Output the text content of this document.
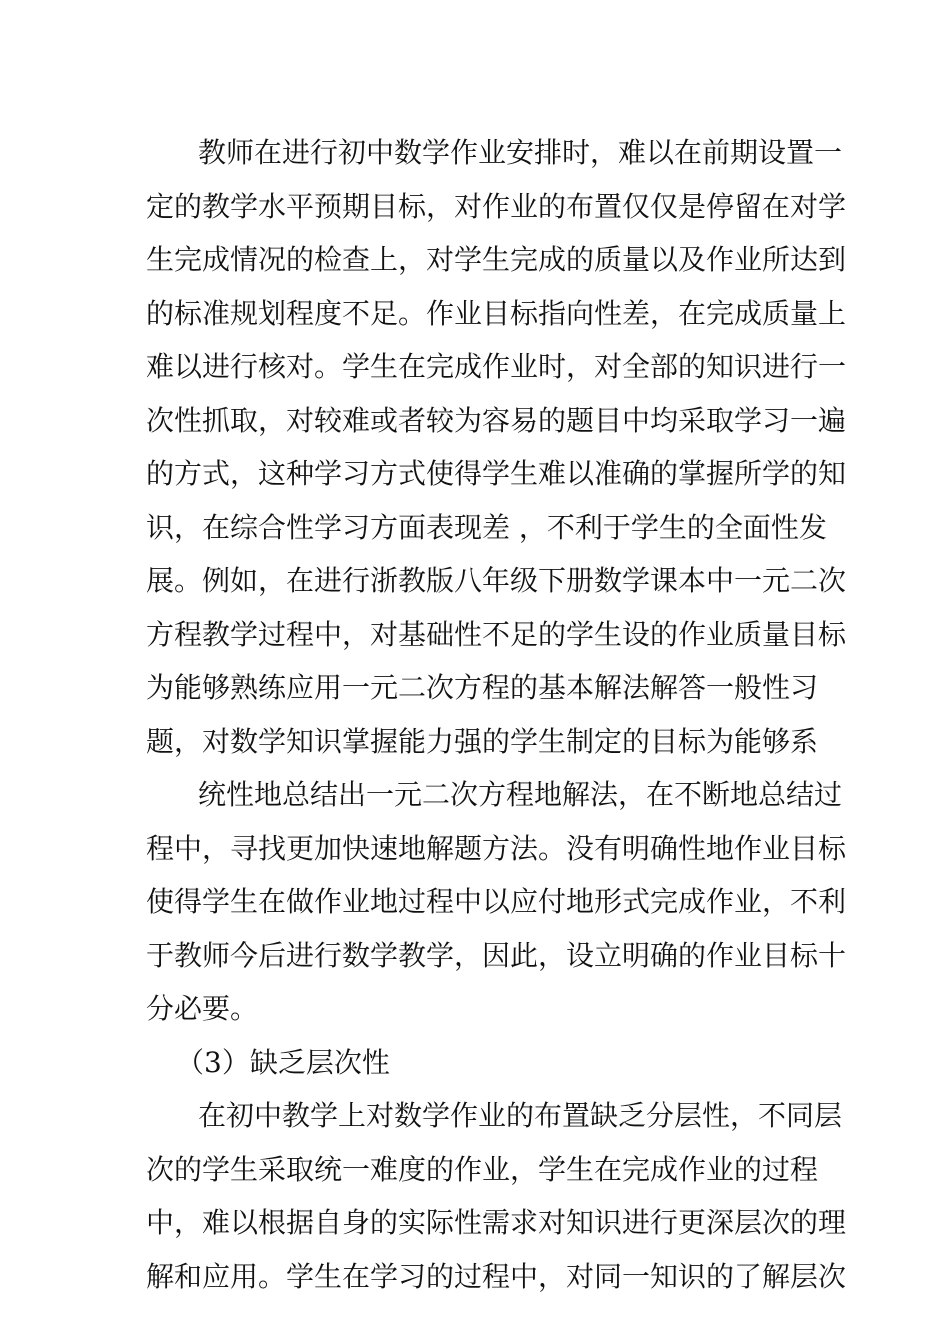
教师在进行初中数学作业安排时，难以在前期设置一
定的教学水平预期目标，对作业的布置仅仅是停留在对学
生完成情况的检查上，对学生完成的质量以及作业所达到
的标准规划程度不足。作业目标指向性差，在完成质量上
难以进行核对。学生在完成作业时，对全部的知识进行一
次性抓取，对较难或者较为容易的题目中均采取学习一遍
的方式，这种学习方式使得学生难以准确的掌握所学的知
识，在综合性学习方面表现差 ，不利于学生的全面性发
展。例如，在进行浙教版八年级下册数学课本中一元二次
方程教学过程中，对基础性不足的学生设的作业质量目标
为能够熟练应用一元二次方程的基本解法解答一般性习
题，对数学知识掌握能力强的学生制定的目标为能够系
统性地总结出一元二次方程地解法，在不断地总结过
程中，寻找更加快速地解题方法。没有明确性地作业目标
使得学生在做作业地过程中以应付地形式完成作业，不利
于教师今后进行数学教学，因此，设立明确的作业目标十
分必要。
（3）缺乏层次性
在初中教学上对数学作业的布置缺乏分层性，不同层
次的学生采取统一难度的作业，学生在完成作业的过程
中，难以根据自身的实际性需求对知识进行更深层次的理
解和应用。学生在学习的过程中，对同一知识的了解层次
